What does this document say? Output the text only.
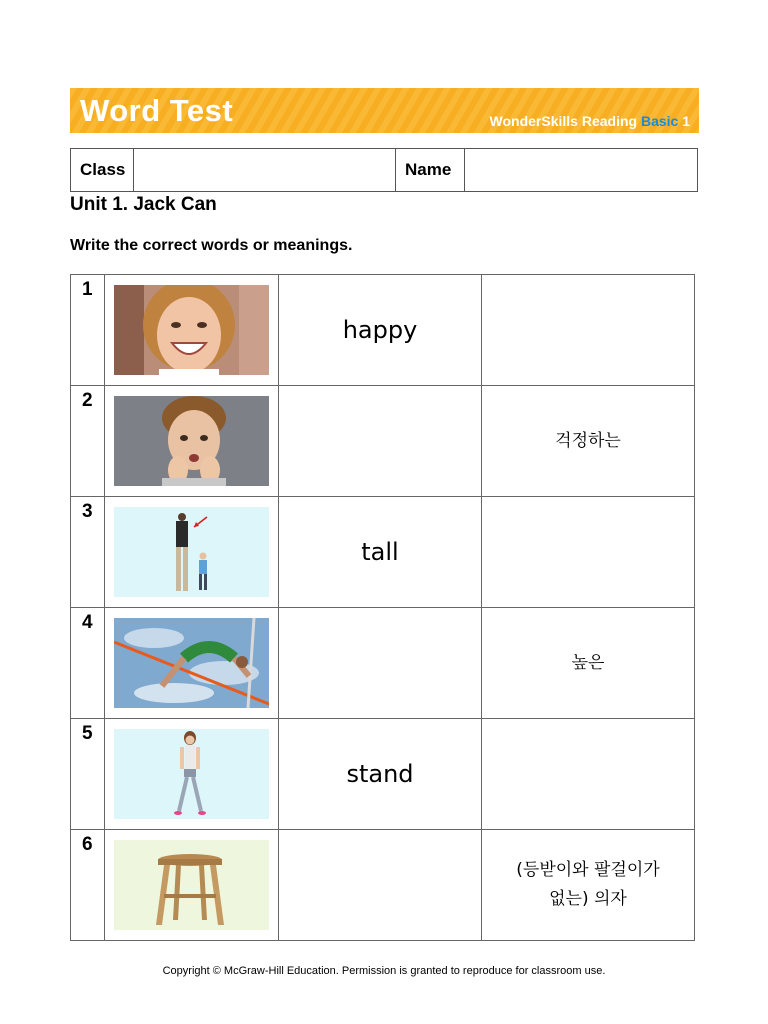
Word Test	WonderSkills Reading Basic 1
Class		Name	
Unit 1. Jack Can
Write the correct words or meanings.
1		happy	
2			걱정하는
3		tall	
4			높은
5		stand	
6			(등받이와 팔걸이가
없는) 의자
Copyright © McGraw-Hill Education. Permission is granted to reproduce for classroom use.
